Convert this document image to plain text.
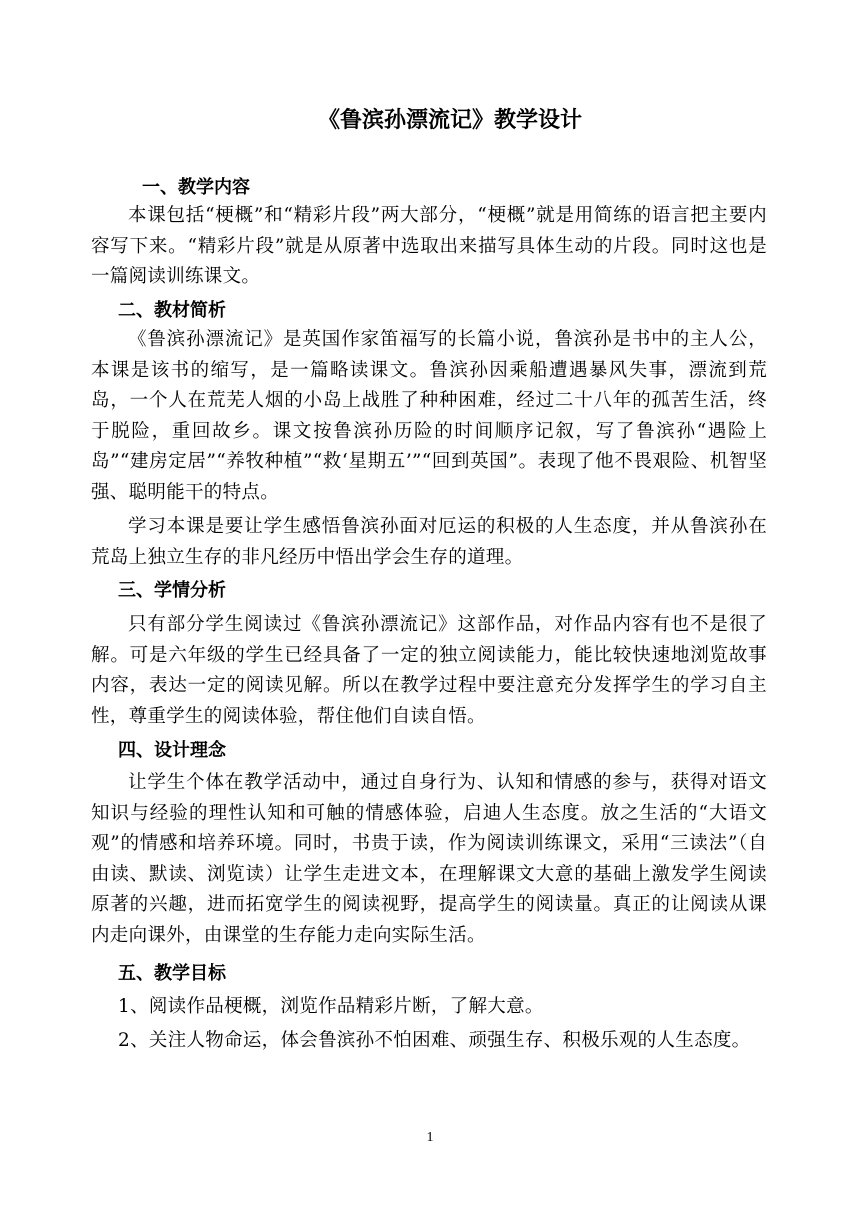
《鲁滨孙漂流记》教学设计
一、教学内容

本课包括“梗概”和“精彩片段”两大部分，“梗概”就是用简练的语言把主要内容写下来。“精彩片段”就是从原著中选取出来描写具体生动的片段。同时这也是一篇阅读训练课文。

二、教材简析

《鲁滨孙漂流记》是英国作家笛福写的长篇小说，鲁滨孙是书中的主人公，本课是该书的缩写，是一篇略读课文。鲁滨孙因乘船遭遇暴风失事，漂流到荒岛，一个人在荒芜人烟的小岛上战胜了种种困难，经过二十八年的孤苦生活，终于脱险，重回故乡。课文按鲁滨孙历险的时间顺序记叙，写了鲁滨孙“遇险上岛”“建房定居”“养牧种植”“救‘星期五’”“回到英国”。表现了他不畏艰险、机智坚强、聪明能干的特点。

学习本课是要让学生感悟鲁滨孙面对厄运的积极的人生态度，并从鲁滨孙在荒岛上独立生存的非凡经历中悟出学会生存的道理。

三、学情分析

只有部分学生阅读过《鲁滨孙漂流记》这部作品，对作品内容有也不是很了解。可是六年级的学生已经具备了一定的独立阅读能力，能比较快速地浏览故事内容，表达一定的阅读见解。所以在教学过程中要注意充分发挥学生的学习自主性，尊重学生的阅读体验，帮住他们自读自悟。

四、设计理念

让学生个体在教学活动中，通过自身行为、认知和情感的参与，获得对语文知识与经验的理性认知和可触的情感体验，启迪人生态度。放之生活的“大语文观”的情感和培养环境。同时，书贵于读，作为阅读训练课文，采用“三读法”（自由读、默读、浏览读）让学生走进文本，在理解课文大意的基础上激发学生阅读原著的兴趣，进而拓宽学生的阅读视野，提高学生的阅读量。真正的让阅读从课内走向课外，由课堂的生存能力走向实际生活。

五、教学目标

1、阅读作品梗概，浏览作品精彩片断，了解大意。

2、关注人物命运，体会鲁滨孙不怕困难、顽强生存、积极乐观的人生态度。

1
